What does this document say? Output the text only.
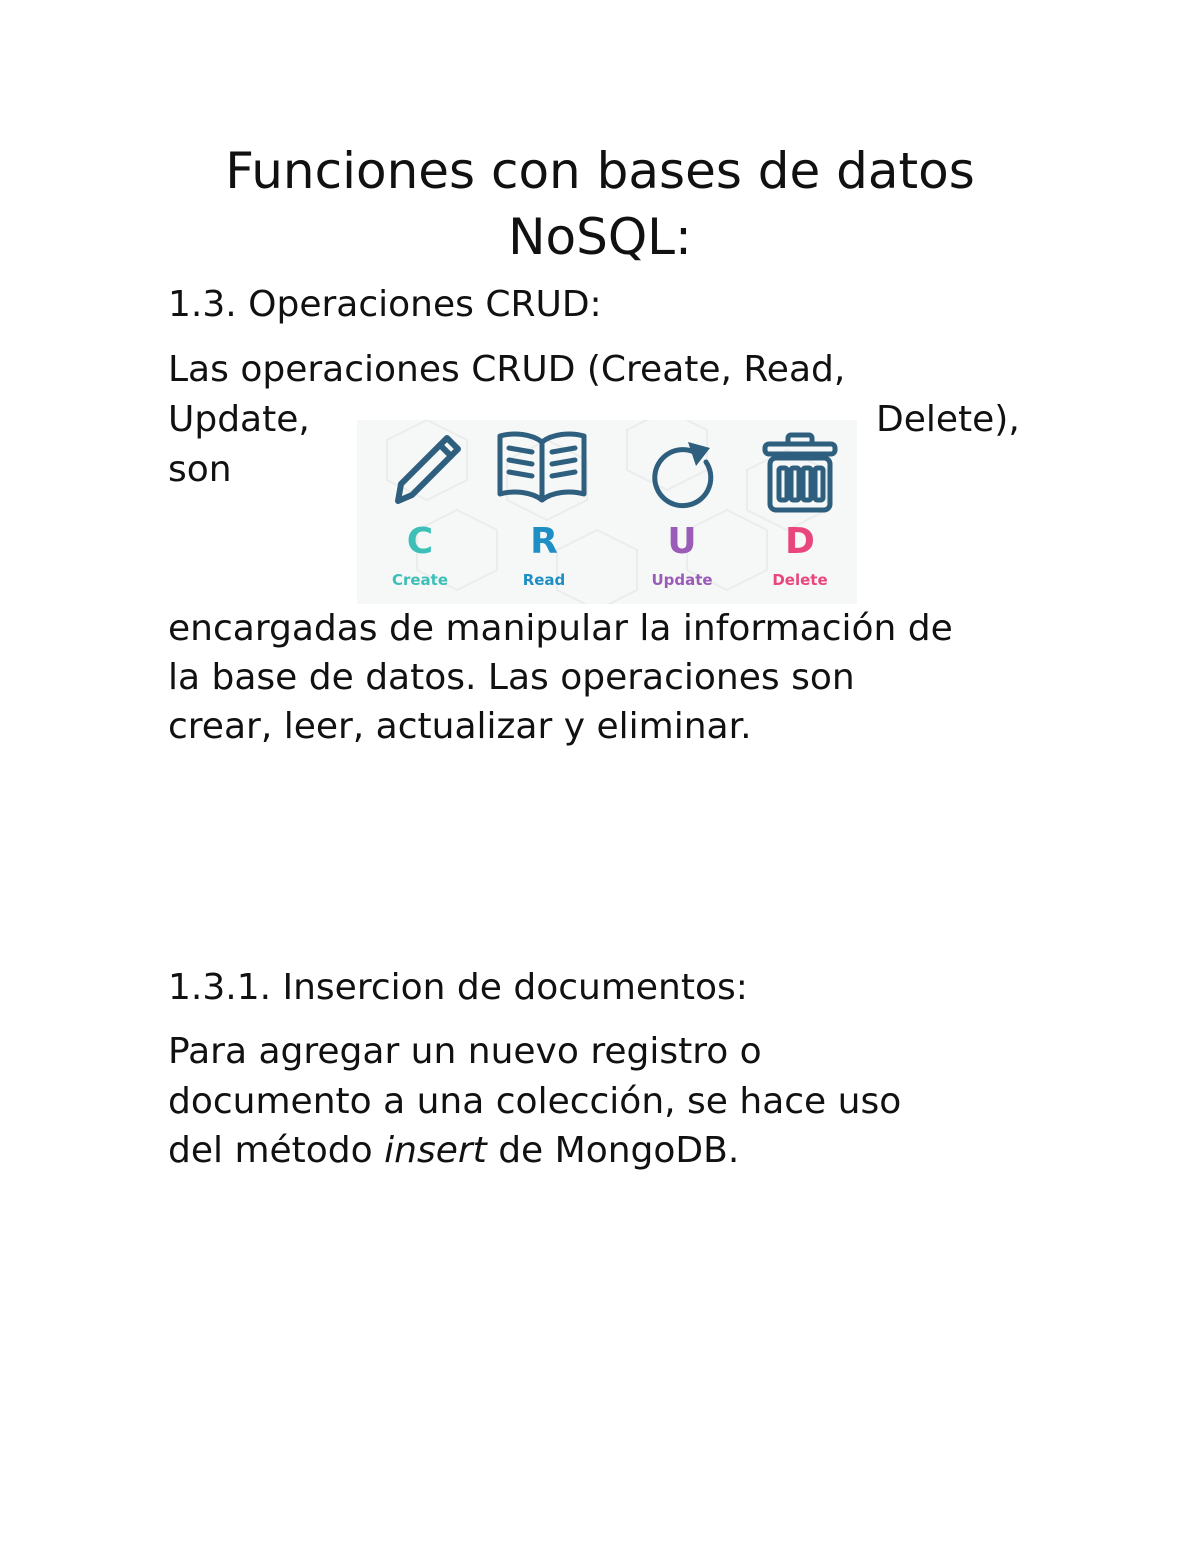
Funciones con bases de datos
NoSQL:
1.3. Operaciones CRUD:

Las operaciones CRUD (Create, Read,

Update,	Delete),

son

C
Create
R
Read
U
Update
D
Delete

encargadas de manipular la información de

la base de datos. Las operaciones son

crear, leer, actualizar y eliminar.

1.3.1. Insercion de documentos:

Para agregar un nuevo registro o

documento a una colección, se hace uso

del método insert de MongoDB.
